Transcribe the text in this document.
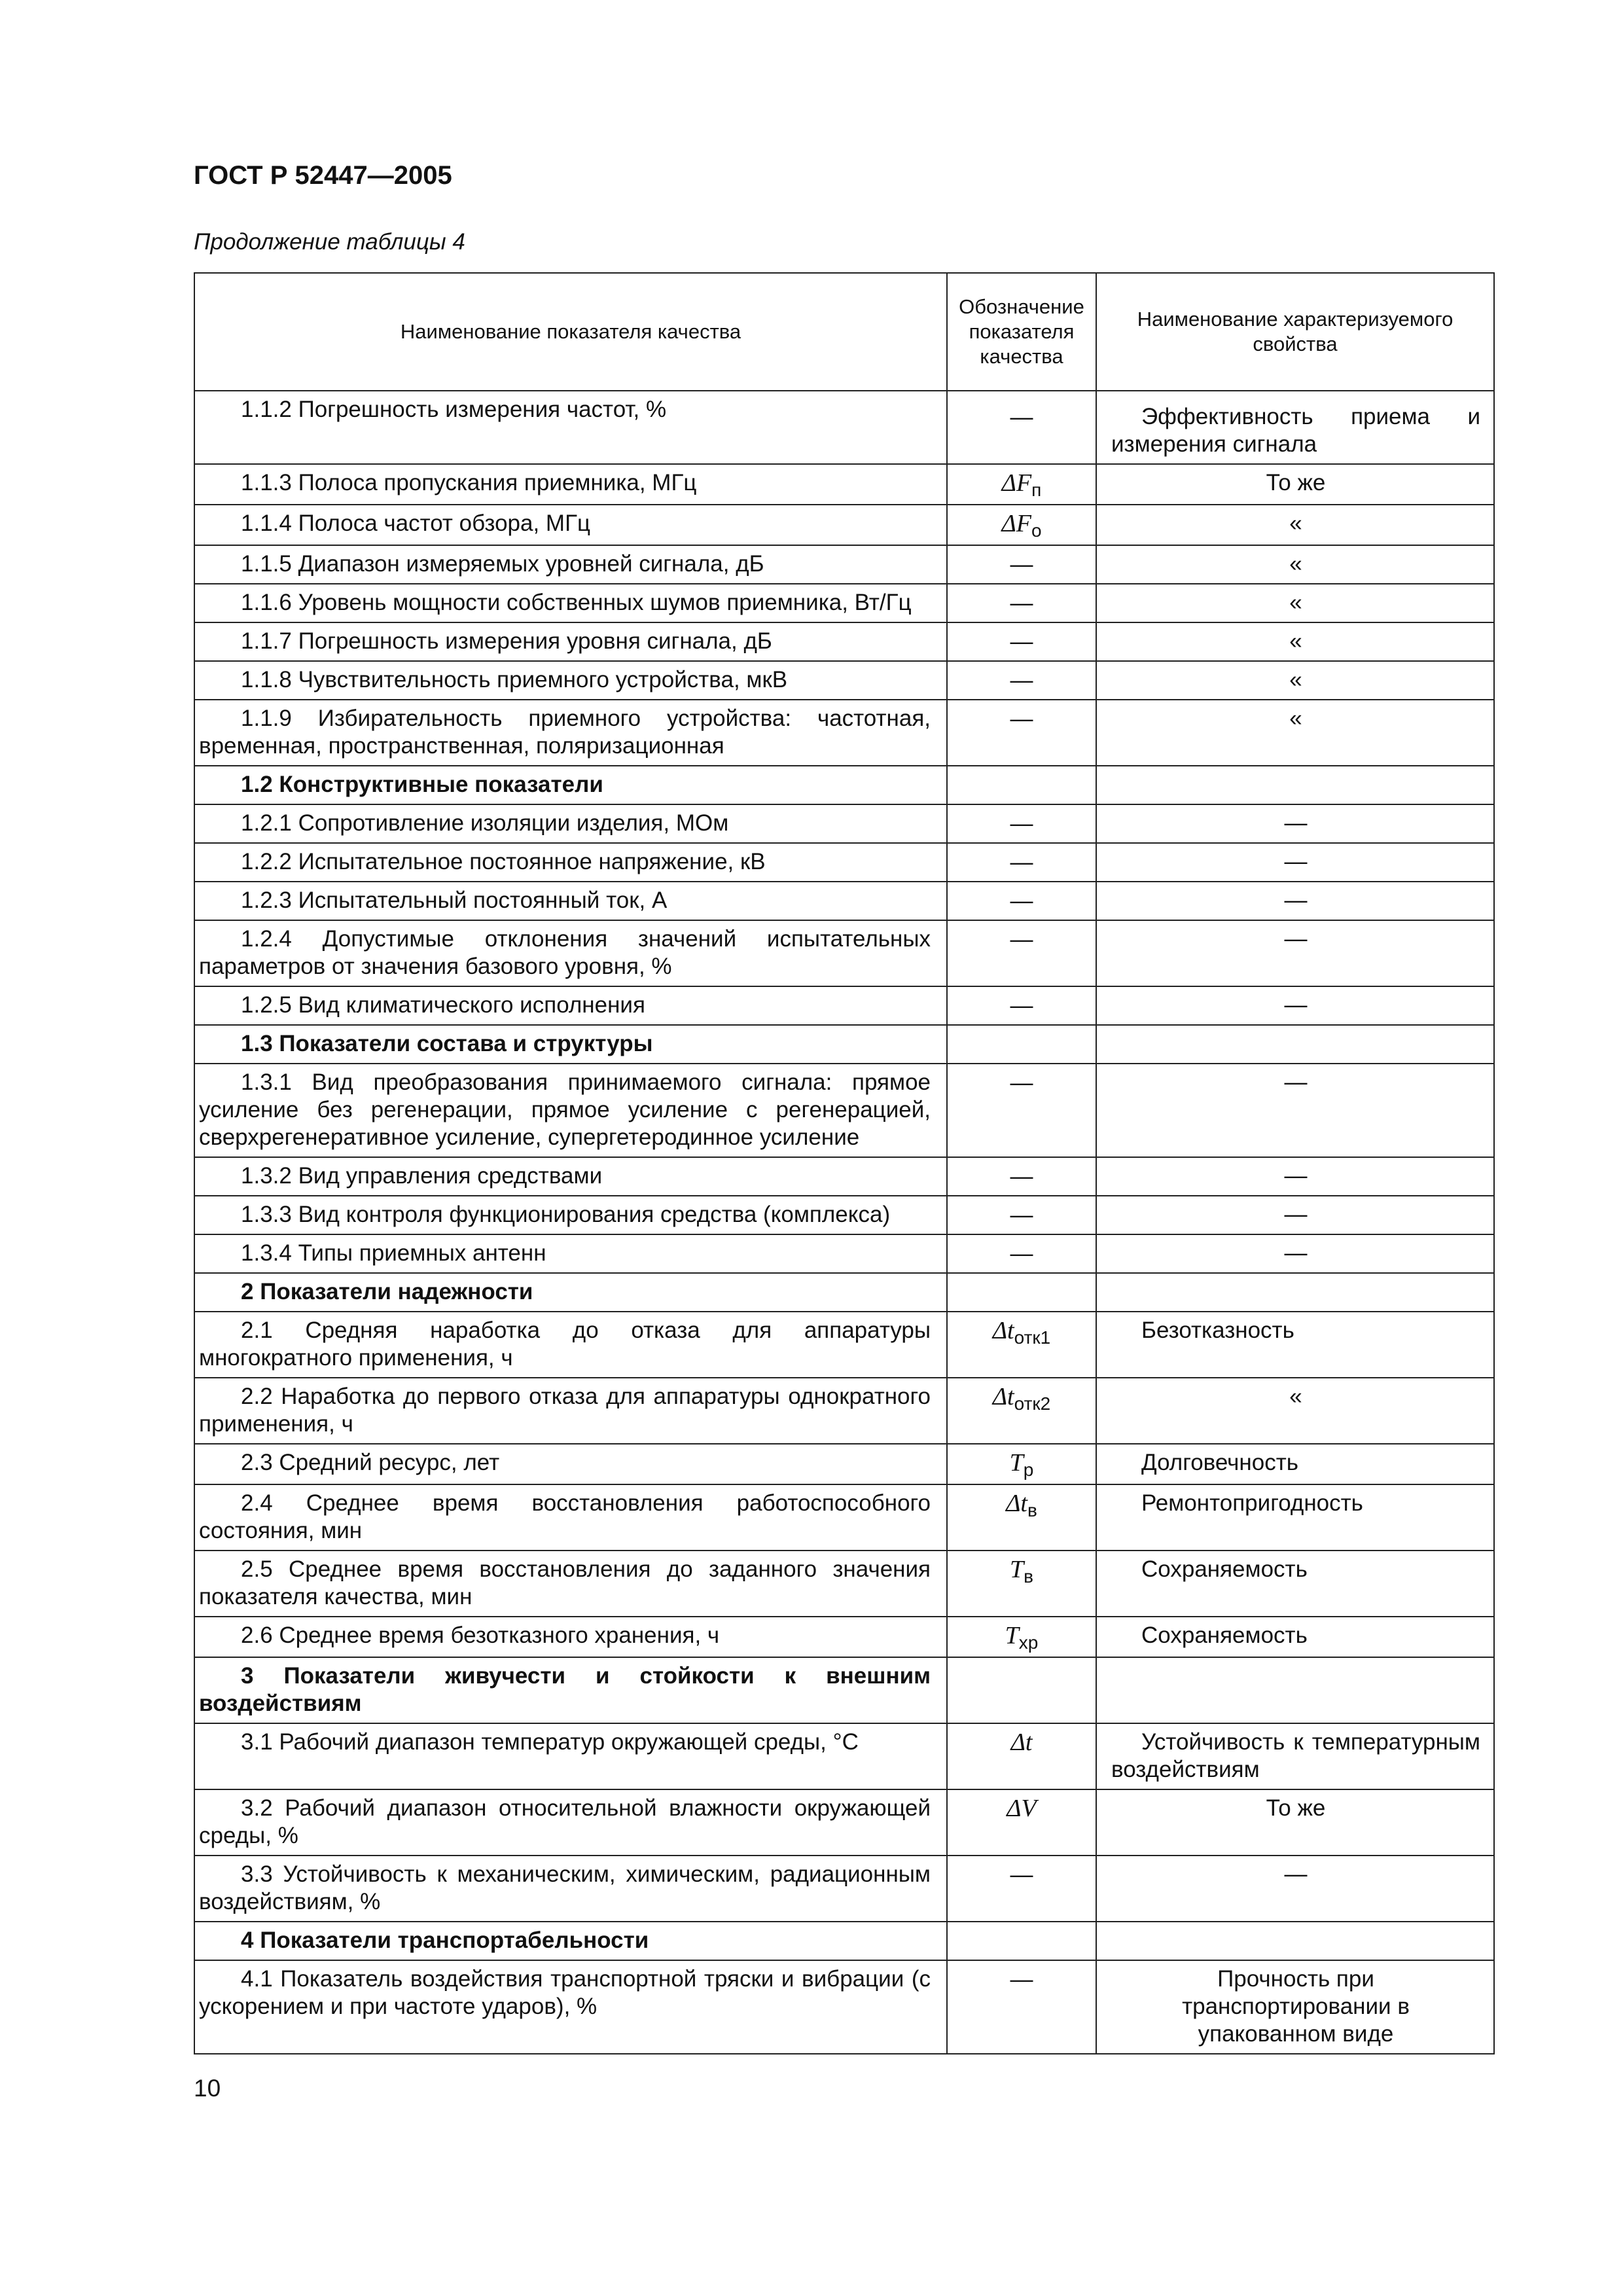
ГОСТ Р 52447—2005
Продолжение таблицы 4
Наименование показателя качества	Обозначение показателя качества	Наименование характеризуемого свойства
1.1.2 Погрешность измерения частот, %	—	Эффективность приема и измерения сигнала
1.1.3 Полоса пропускания приемника, МГц	$\Delta F_п$	То же
1.1.4 Полоса частот обзора, МГц	$\Delta F_о$	«
1.1.5 Диапазон измеряемых уровней сигнала, дБ	—	«
1.1.6 Уровень мощности собственных шумов приемника, Вт/Гц	—	«
1.1.7 Погрешность измерения уровня сигнала, дБ	—	«
1.1.8 Чувствительность приемного устройства, мкВ	—	«
1.1.9 Избирательность приемного устройства: частотная, временная, пространственная, поляризационная	—	«
1.2 Конструктивные показатели		
1.2.1 Сопротивление изоляции изделия, МОм	—	—
1.2.2 Испытательное постоянное напряжение, кВ	—	—
1.2.3 Испытательный постоянный ток, А	—	—
1.2.4 Допустимые отклонения значений испытательных параметров от значения базового уровня, %	—	—
1.2.5 Вид климатического исполнения	—	—
1.3 Показатели состава и структуры		
1.3.1 Вид преобразования принимаемого сигнала: прямое усиление без регенерации, прямое усиление с регенерацией, сверхрегенеративное усиление, супергетеродинное усиление	—	—
1.3.2 Вид управления средствами	—	—
1.3.3 Вид контроля функционирования средства (комплекса)	—	—
1.3.4 Типы приемных антенн	—	—
2 Показатели надежности		
2.1 Средняя наработка до отказа для аппаратуры многократного применения, ч	$\Delta t_{отк1}$	Безотказность
2.2 Наработка до первого отказа для аппаратуры однократного применения, ч	$\Delta t_{отк2}$	«
2.3 Средний ресурс, лет	$T_р$	Долговечность
2.4 Среднее время восстановления работоспособного состояния, мин	$\Delta t_в$	Ремонтопригодность
2.5 Среднее время восстановления до заданного значения показателя качества, мин	$T_в$	Сохраняемость
2.6 Среднее время безотказного хранения, ч	$T_{хр}$	Сохраняемость
3 Показатели живучести и стойкости к внешним воздействиям		
3.1 Рабочий диапазон температур окружающей среды, °С	Δt	Устойчивость к температурным воздействиям
3.2 Рабочий диапазон относительной влажности окружающей среды, %	ΔV	То же
3.3 Устойчивость к механическим, химическим, радиационным воздействиям, %	—	—
4 Показатели транспортабельности		
4.1 Показатель воздействия транспортной тряски и вибрации (с ускорением и при частоте ударов), %	—	Прочность при транспортировании в упакованном виде
10
